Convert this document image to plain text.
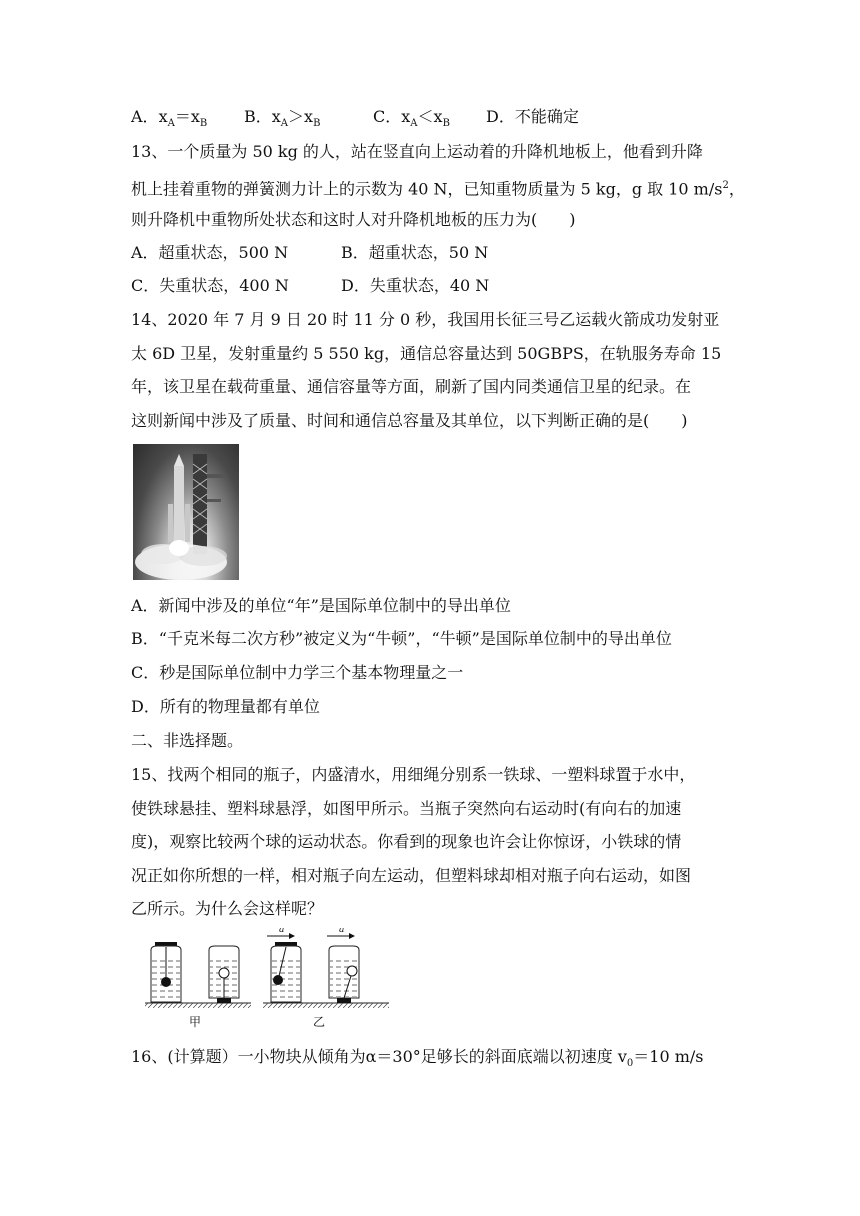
A．$x_A=x_B$ B．$x_A>x_B$	C．$x_A<x_B$ D．不能确定
13、一个质量为 50 kg 的人，站在竖直向上运动着的升降机地板上，他看到升降
机上挂着重物的弹簧测力计上的示数为 40 N，已知重物质量为 5 kg，g 取 10 $m/s^2$，
则升降机中重物所处状态和这时人对升降机地板的压力为(　　)
A．超重状态，500 N	B．超重状态，50 N
C．失重状态，400 N	D．失重状态，40 N
14、2020 年 7 月 9 日 20 时 11 分 0 秒，我国用长征三号乙运载火箭成功发射亚
太 6D 卫星，发射重量约 5 550 kg，通信总容量达到 50GBPS，在轨服务寿命 15
年，该卫星在载荷重量、通信容量等方面，刷新了国内同类通信卫星的纪录。在
这则新闻中涉及了质量、时间和通信总容量及其单位，以下判断正确的是(　　)
A．新闻中涉及的单位“年”是国际单位制中的导出单位
B．“千克米每二次方秒”被定义为“牛顿”，“牛顿”是国际单位制中的导出单位
C．秒是国际单位制中力学三个基本物理量之一
D．所有的物理量都有单位
二、非选择题。
15、找两个相同的瓶子，内盛清水，用细绳分别系一铁球、一塑料球置于水中，
使铁球悬挂、塑料球悬浮，如图甲所示。当瓶子突然向右运动时(有向右的加速
度)，观察比较两个球的运动状态。你看到的现象也许会让你惊讶，小铁球的情
况正如你所想的一样，相对瓶子向左运动，但塑料球却相对瓶子向右运动，如图
乙所示。为什么会这样呢？
a	a
甲	乙
16、(计算题）一小物块从倾角为α＝30°足够长的斜面底端以初速度 $v_0=10$ m/s
